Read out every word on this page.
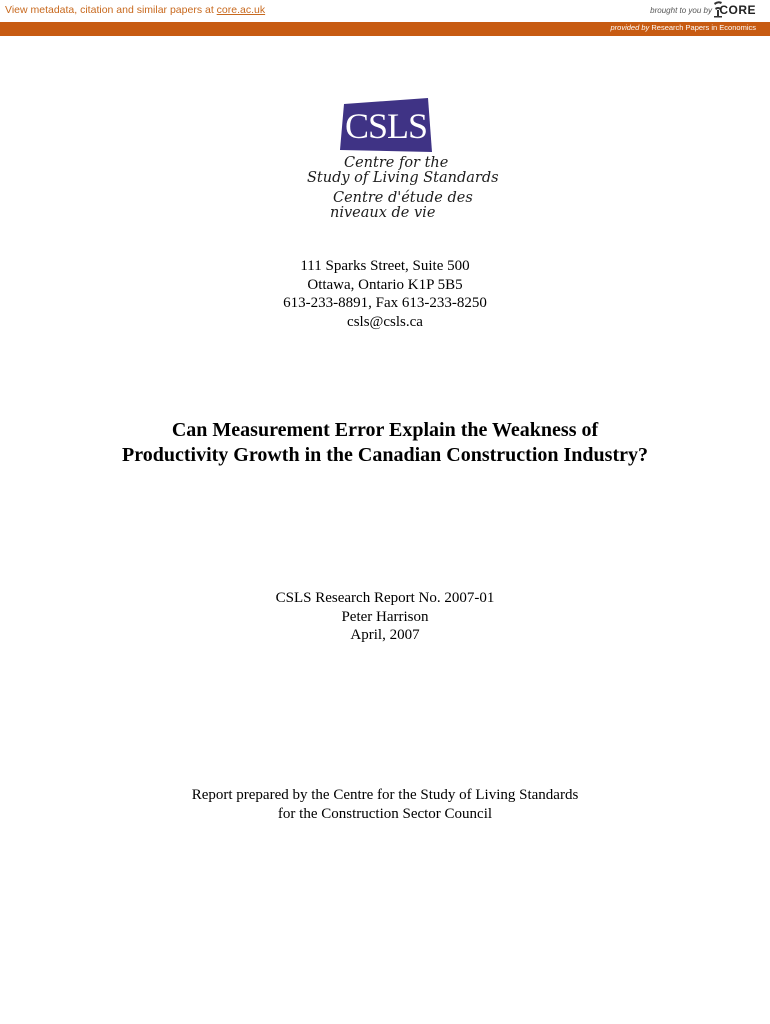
View metadata, citation and similar papers at core.ac.uk	brought to you by CORE
provided by Research Papers in Economics
CSLS
Centre for the
Study of Living Standards
Centre d'étude des
niveaux de vie
111 Sparks Street, Suite 500
Ottawa, Ontario K1P 5B5
613-233-8891, Fax 613-233-8250
csls@csls.ca
Can Measurement Error Explain the Weakness of
Productivity Growth in the Canadian Construction Industry?
CSLS Research Report No. 2007-01
Peter Harrison
April, 2007
Report prepared by the Centre for the Study of Living Standards
for the Construction Sector Council
